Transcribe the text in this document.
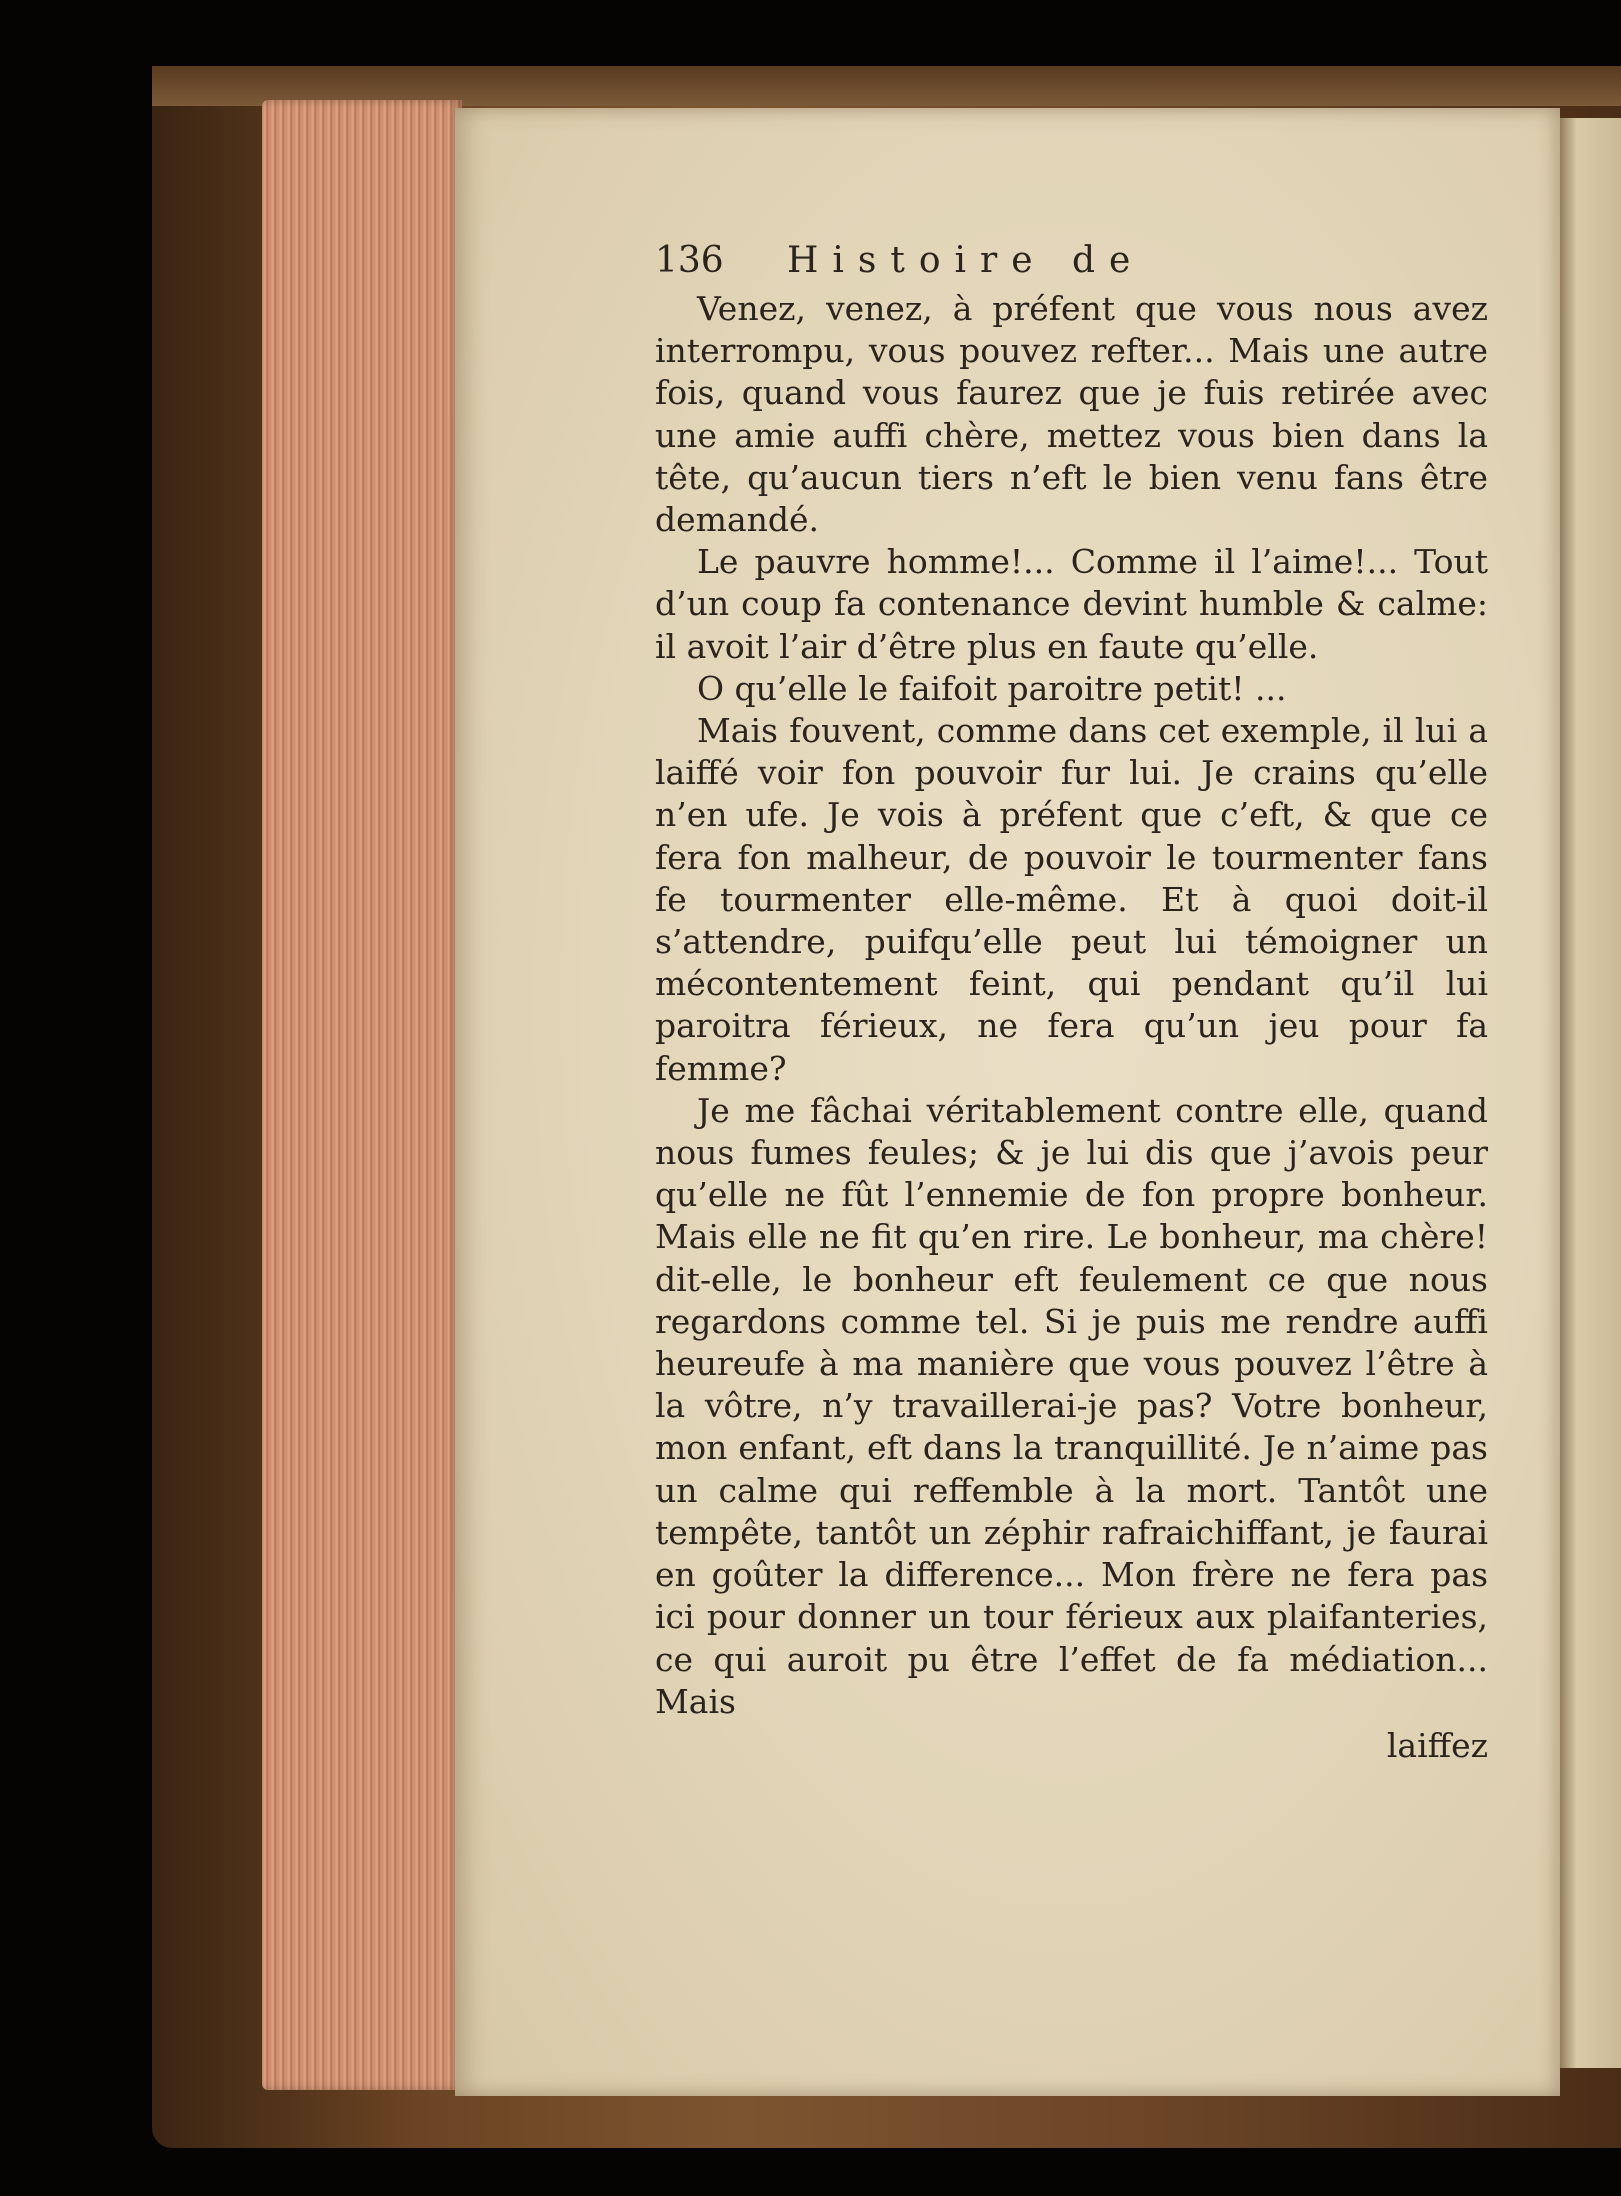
136	Histoire de

Venez, venez, à préfent que vous nous avez interrompu, vous pouvez refter... Mais une autre fois, quand vous faurez que je fuis retirée avec une amie auffi chère, mettez vous bien dans la tête, qu’aucun tiers n’eft le bien venu fans être demandé.

Le pauvre homme!... Comme il l’aime!... Tout d’un coup fa contenance devint humble & calme: il avoit l’air d’être plus en faute qu’elle.

O qu’elle le faifoit paroitre petit! ...

Mais fouvent, comme dans cet exemple, il lui a laiffé voir fon pouvoir fur lui. Je crains qu’elle n’en ufe. Je vois à préfent que c’eft, & que ce fera fon malheur, de pouvoir le tourmenter fans fe tourmenter elle-même. Et à quoi doit-il s’attendre, puifqu’elle peut lui témoigner un mécontentement feint, qui pendant qu’il lui paroitra férieux, ne fera qu’un jeu pour fa femme?

Je me fâchai véritablement contre elle, quand nous fumes feules; & je lui dis que j’avois peur qu’elle ne fût l’ennemie de fon propre bonheur. Mais elle ne fit qu’en rire. Le bonheur, ma chère! dit-elle, le bonheur eft feulement ce que nous regardons comme tel. Si je puis me rendre auffi heureufe à ma manière que vous pouvez l’être à la vôtre, n’y travaillerai-je pas? Votre bonheur, mon enfant, eft dans la tranquillité. Je n’aime pas un calme qui reffemble à la mort. Tantôt une tempête, tantôt un zéphir rafraichiffant, je faurai en goûter la difference... Mon frère ne fera pas ici pour donner un tour férieux aux plaifanteries, ce qui auroit pu être l’effet de fa médiation... Mais

laiffez
